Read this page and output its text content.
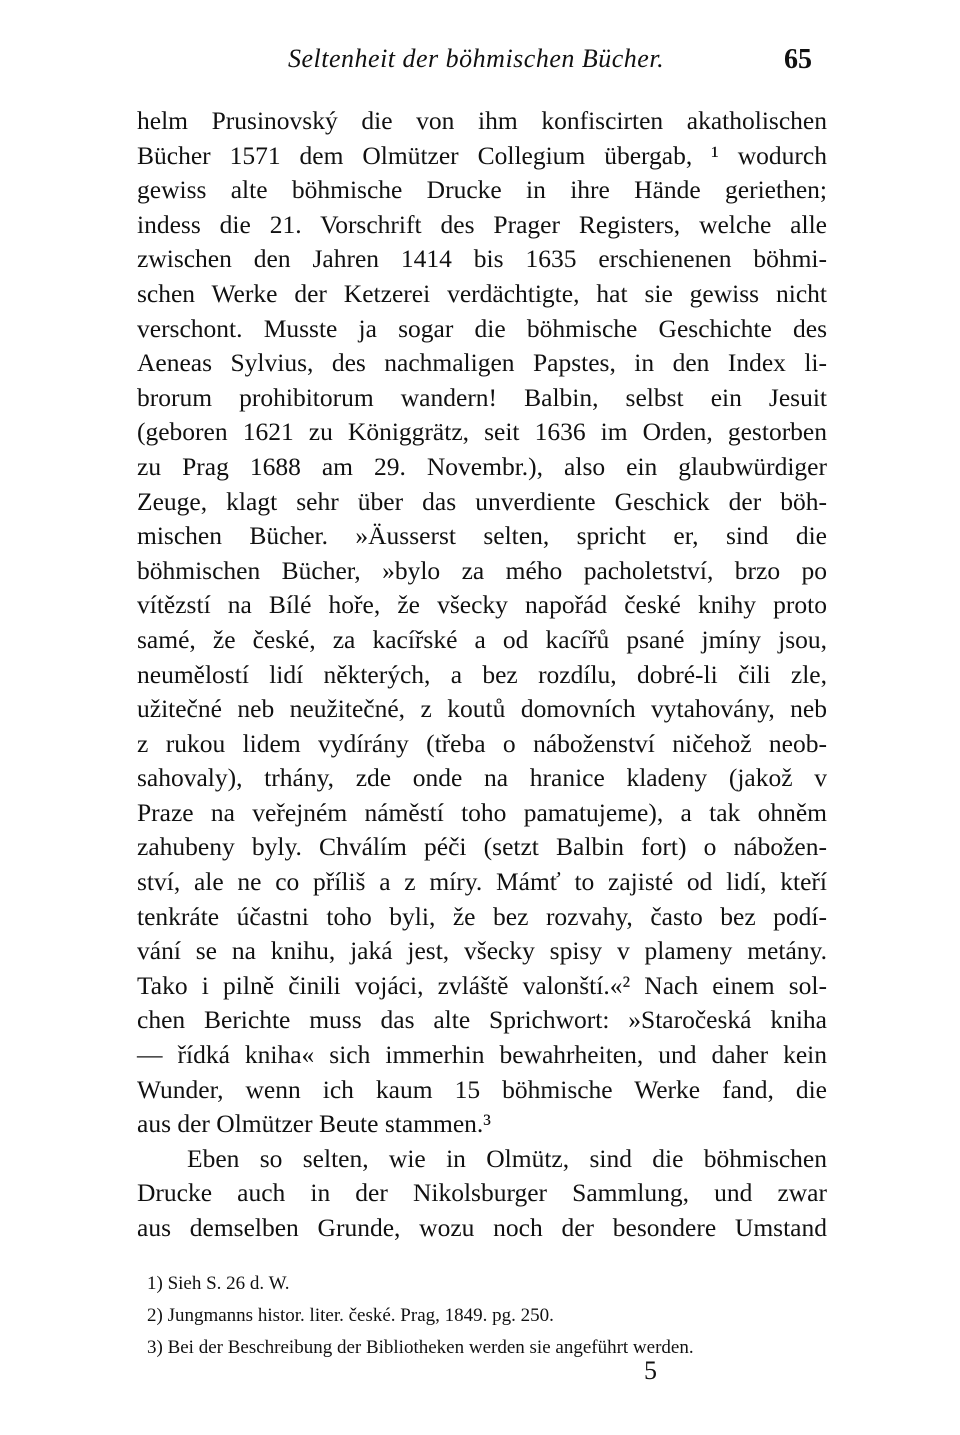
Seltenheit der böhmischen Bücher.	65
helm Prusinovský die von ihm konfiscirten akatholischen
Bücher 1571 dem Olmützer Collegium übergab, ¹ wodurch
gewiss alte böhmische Drucke in ihre Hände geriethen;
indess die 21. Vorschrift des Prager Registers, welche alle
zwischen den Jahren 1414 bis 1635 erschienenen böhmi-
schen Werke der Ketzerei verdächtigte, hat sie gewiss nicht
verschont. Musste ja sogar die böhmische Geschichte des
Aeneas Sylvius, des nachmaligen Papstes, in den Index li-
brorum prohibitorum wandern! Balbin, selbst ein Jesuit
(geboren 1621 zu Königgrätz, seit 1636 im Orden, gestorben
zu Prag 1688 am 29. Novembr.), also ein glaubwürdiger
Zeuge, klagt sehr über das unverdiente Geschick der böh-
mischen Bücher. »Äusserst selten, spricht er, sind die
böhmischen Bücher, »bylo za mého pacholetství, brzo po
vítězstí na Bílé hoře, že všecky napořád české knihy proto
samé, že české, za kacířské a od kacířů psané jmíny jsou,
neumělostí lidí některých, a bez rozdílu, dobré-li čili zle,
užitečné neb neužitečné, z koutů domovních vytahovány, neb
z rukou lidem vydírány (třeba o náboženství ničehož neob-
sahovaly), trhány, zde onde na hranice kladeny (jakož v
Praze na veřejném náměstí toho pamatujeme), a tak ohněm
zahubeny byly. Chválím péči (setzt Balbin fort) o nábožen-
ství, ale ne co příliš a z míry. Mámť to zajisté od lidí, kteří
tenkráte účastni toho byli, že bez rozvahy, často bez podí-
vání se na knihu, jaká jest, všecky spisy v plameny metány.
Tako i pilně činili vojáci, zvláště valonští.«² Nach einem sol-
chen Berichte muss das alte Sprichwort: »Staročeská kniha
— řídká kniha« sich immerhin bewahrheiten, und daher kein
Wunder, wenn ich kaum 15 böhmische Werke fand, die
aus der Olmützer Beute stammen.³
Eben so selten, wie in Olmütz, sind die böhmischen
Drucke auch in der Nikolsburger Sammlung, und zwar
aus demselben Grunde, wozu noch der besondere Umstand
1) Sieh S. 26 d. W.
2) Jungmanns histor. liter. české. Prag, 1849. pg. 250.
3) Bei der Beschreibung der Bibliotheken werden sie angeführt werden.
5
